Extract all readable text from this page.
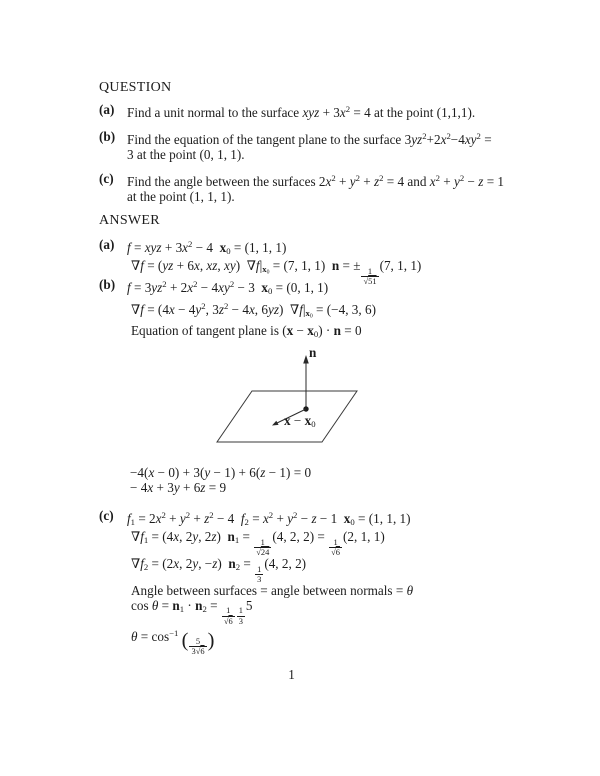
QUESTION
(a) Find a unit normal to the surface xyz + $3x^2 = 4$ at the point (1,1,1).
(b) Find the equation of the tangent plane to the surface $3yz^2+2x^2-4xy^2$ =
3 at the point (0, 1, 1).
(c)	Find the angle between the surfaces $2x^2 + y^2 + z^2 = 4$ and $x^2 + y^2 - z = 1$
at the point (1, 1, 1).
ANSWER
(a) f = xyz + $3x^2 - 4$  $x_0 = (1$, 1, 1)
∇f = (yz + 6x, xz, xy)  $\nabla f|_{x_0} = (7$, 1, 1)  n = ±
$\frac{1}{√51}$
(7, 1, 1)
(b) $f = 3yz^2 + 2x^2 - 4xy^2 - 3$  $x_0 = (0$, 1, 1)
$\nabla f = (4x - 4y^2$, $3z^2 - 4x$, 6yz)  $\nabla f|_{x_0} = (-4$, 3, 6)
Equation of tangent plane is $(x - x_0) \cdot n = 0$
n
$x - x_0$
−4(x − 0) + 3(y − 1) + 6(z − 1) = 0
− 4x + 3y + 6z = 9
(c)	$f_1 = 2x^2 + y^2 + z^2 - 4$  $f_2 = x^2 + y^2 - z - 1$  $x_0 = (1$, 1, 1)
$\nabla f_1 = (4x$, 2y, 2z)  $n_1$ =
$\frac{1}{√24}$
(4, 2, 2) =
$\frac{1}{√6}$
(2, 1, 1)
$\nabla f_2 = (2x$, 2y, −z)  $n_2$ =
$\frac{1}{3}$
(4, 2, 2)
Angle between surfaces = angle between normals = θ
$\cos \theta = n_1 \cdot n_2$ =
$\frac{1}{√6} \frac{1}{3}$
5
$\theta = \cos^{-1}$ ( $\frac{5}{3√6}$ )
1
